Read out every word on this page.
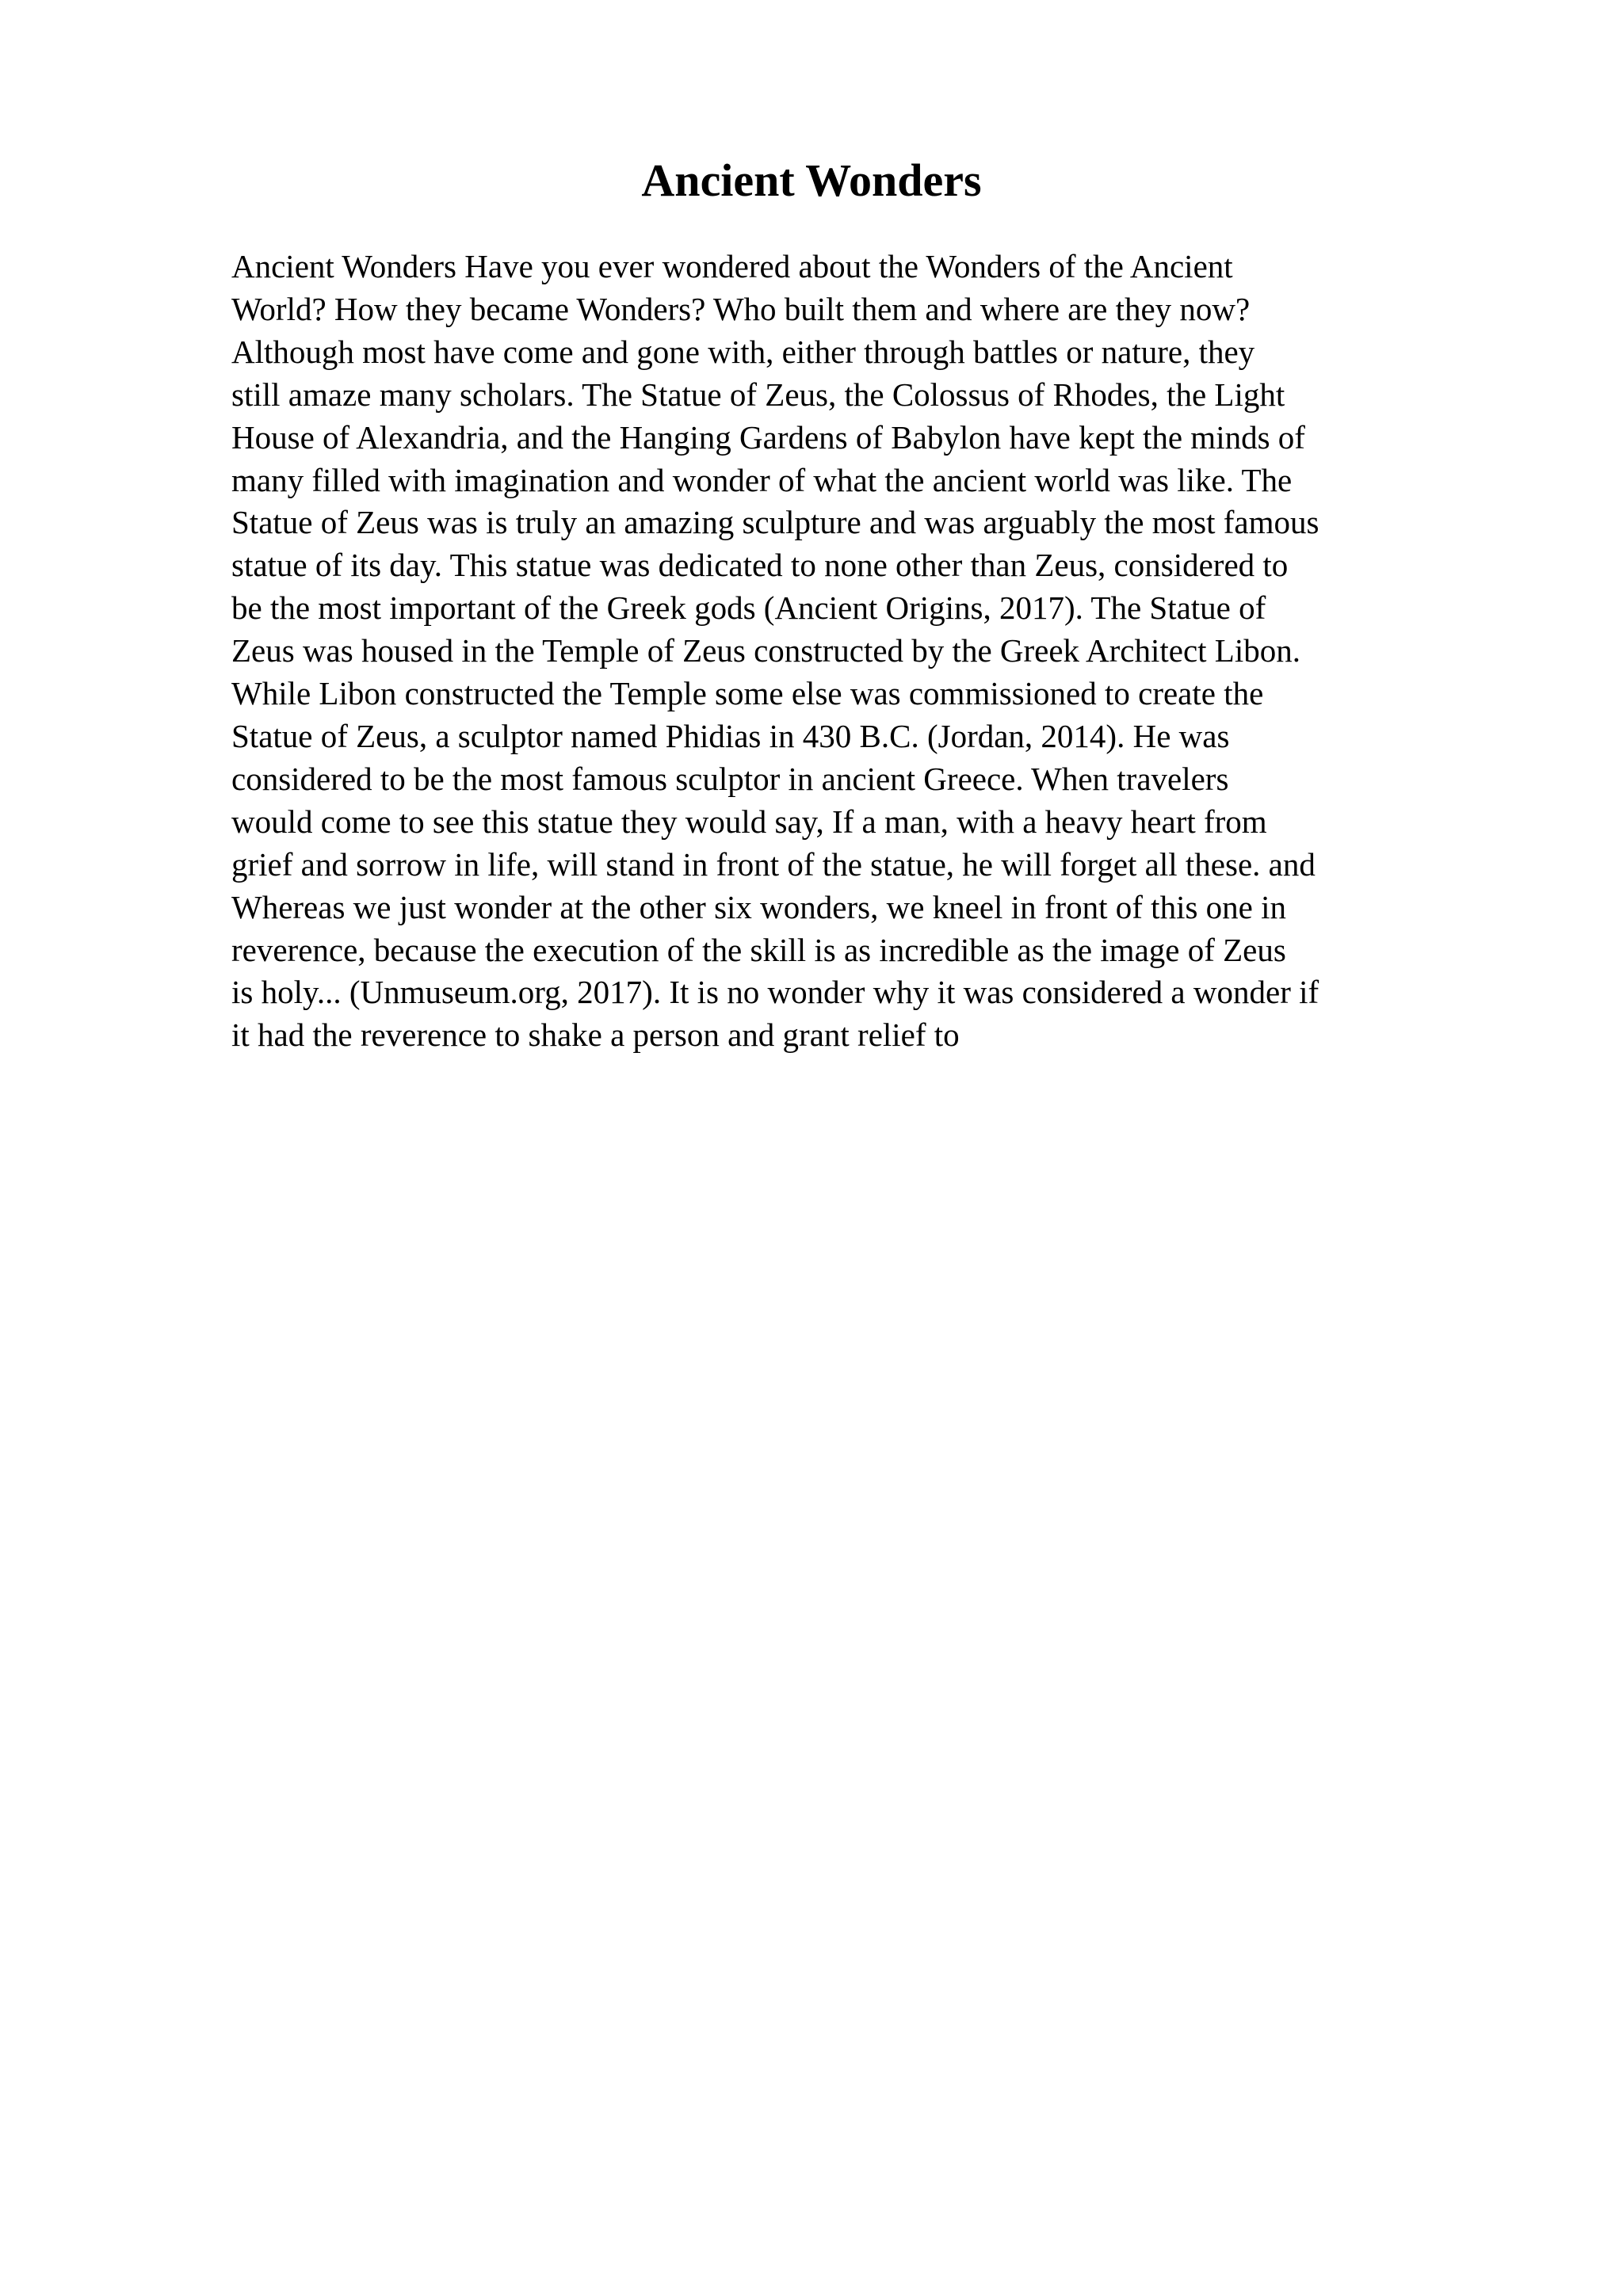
Ancient Wonders
Ancient Wonders Have you ever wondered about the Wonders of the Ancient
World? How they became Wonders? Who built them and where are they now?
Although most have come and gone with, either through battles or nature, they
still amaze many scholars. The Statue of Zeus, the Colossus of Rhodes, the Light
House of Alexandria, and the Hanging Gardens of Babylon have kept the minds of
many filled with imagination and wonder of what the ancient world was like. The
Statue of Zeus was is truly an amazing sculpture and was arguably the most famous
statue of its day. This statue was dedicated to none other than Zeus, considered to
be the most important of the Greek gods (Ancient Origins, 2017). The Statue of
Zeus was housed in the Temple of Zeus constructed by the Greek Architect Libon.
While Libon constructed the Temple some else was commissioned to create the
Statue of Zeus, a sculptor named Phidias in 430 B.C. (Jordan, 2014). He was
considered to be the most famous sculptor in ancient Greece. When travelers
would come to see this statue they would say, If a man, with a heavy heart from
grief and sorrow in life, will stand in front of the statue, he will forget all these. and
Whereas we just wonder at the other six wonders, we kneel in front of this one in
reverence, because the execution of the skill is as incredible as the image of Zeus
is holy... (Unmuseum.org, 2017). It is no wonder why it was considered a wonder if
it had the reverence to shake a person and grant relief to
